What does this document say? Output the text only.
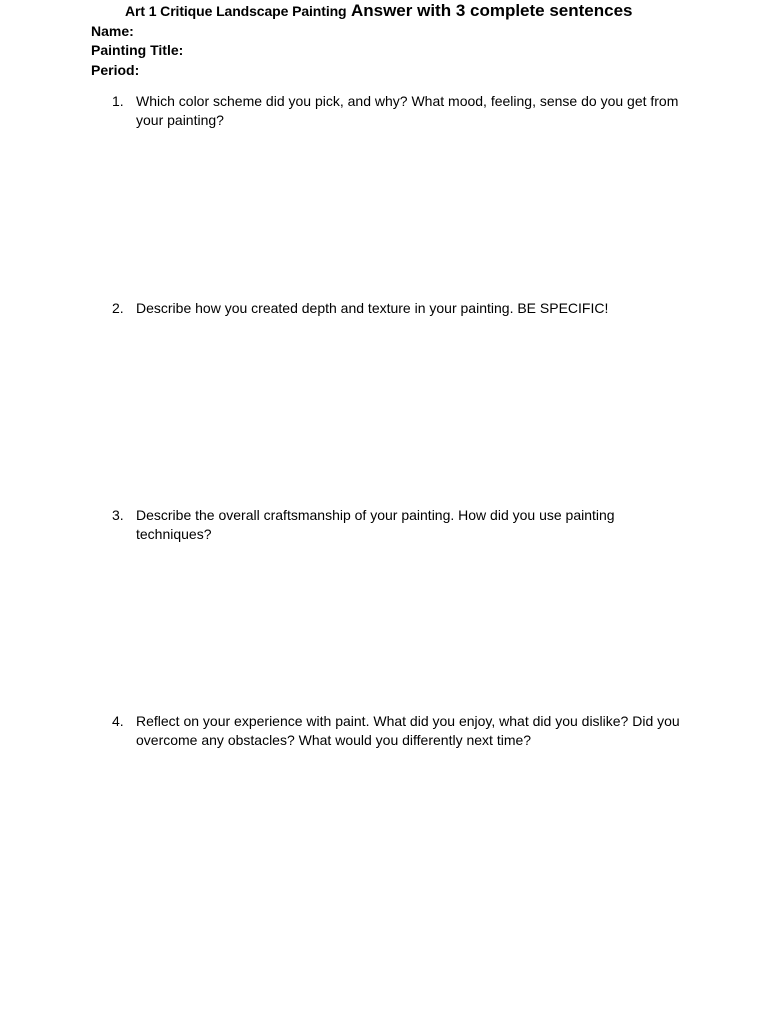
Art 1 Critique Landscape Painting Answer with 3 complete sentences
Name:
Painting Title:
Period:
1. Which color scheme did you pick, and why? What mood, feeling, sense do you get from your painting?
2. Describe how you created depth and texture in your painting. BE SPECIFIC!
3. Describe the overall craftsmanship of your painting. How did you use painting techniques?
4. Reflect on your experience with paint. What did you enjoy, what did you dislike? Did you overcome any obstacles? What would you differently next time?
